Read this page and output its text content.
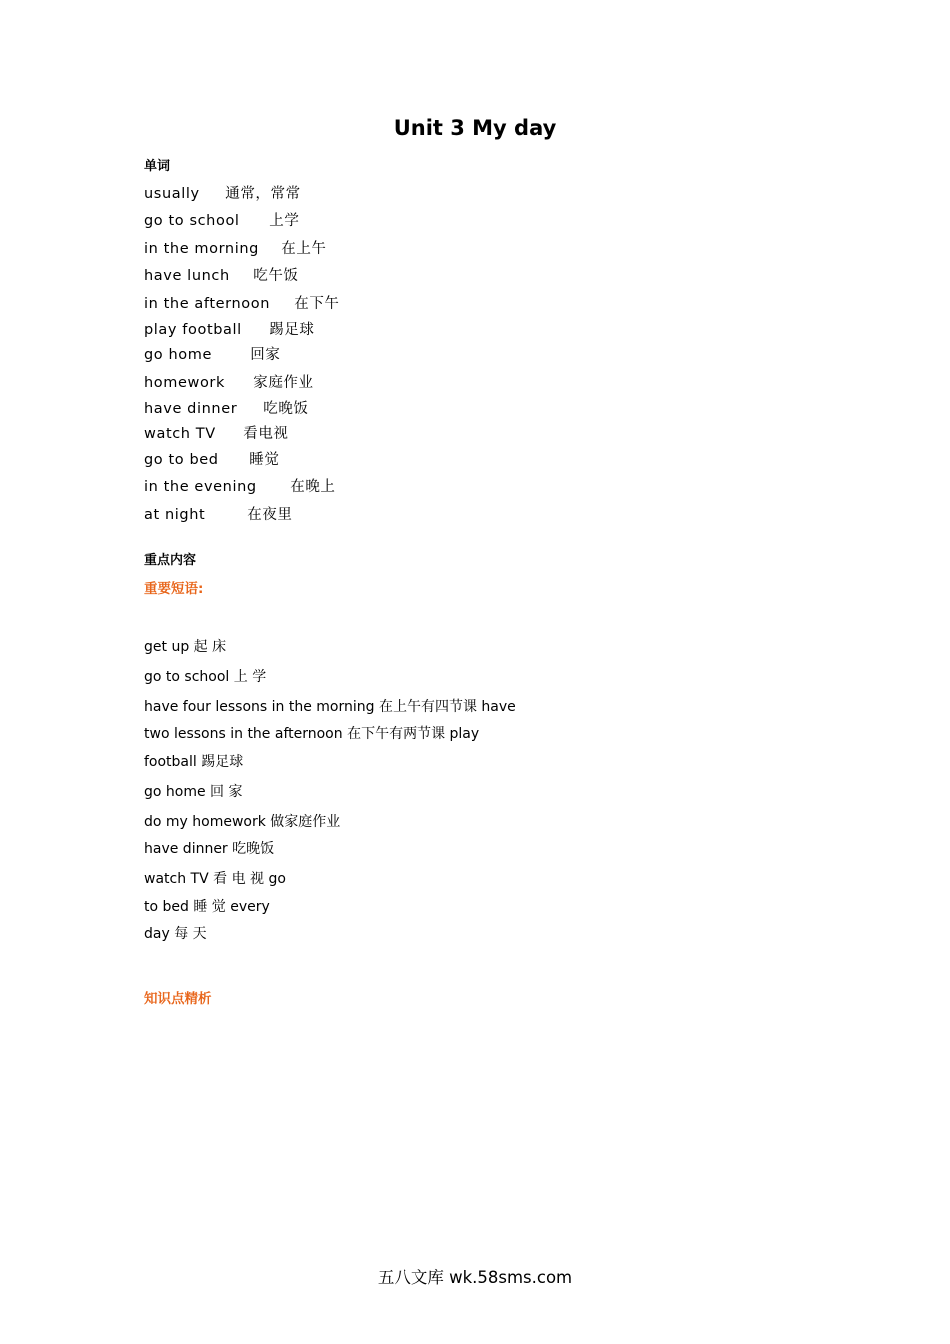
Unit 3 My day
单词
usually 通常，常常
go to school 上学
in the morning 在上午
have lunch 吃午饭
in the afternoon 在下午
play football 踢足球
go home	回家
homework 家庭作业
have dinner 吃晚饭
watch TV 看电视
go to bed 睡觉
in the evening 在晚上
at night	在夜里
重点内容
重要短语:
get up 起 床
go to school 上 学
have four lessons in the morning 在上午有四节课 have
two lessons in the afternoon 在下午有两节课 play
football 踢足球
go home 回 家
do my homework 做家庭作业
have dinner 吃晚饭
watch TV 看 电 视 go
to bed 睡 觉 every
day 每 天
知识点精析
五八文库 wk.58sms.com
